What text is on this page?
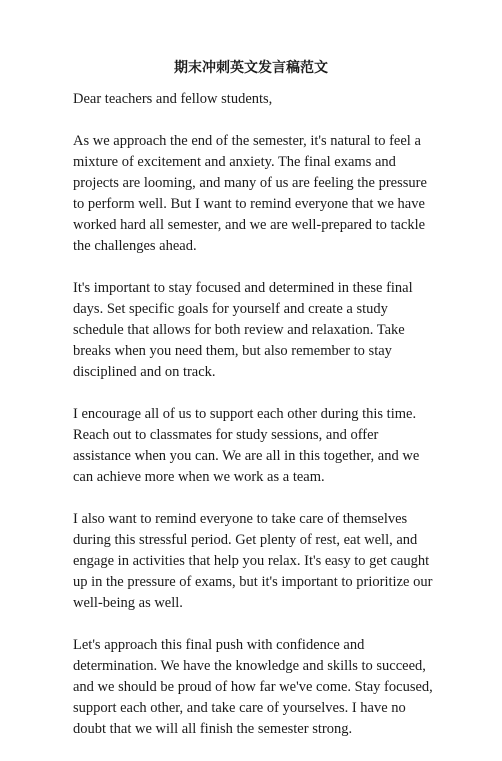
期末冲刺英文发言稿范文

Dear teachers and fellow students,

As we approach the end of the semester, it's natural to feel a mixture of excitement and anxiety. The final exams and projects are looming, and many of us are feeling the pressure to perform well. But I want to remind everyone that we have worked hard all semester, and we are well-prepared to tackle the challenges ahead.

It's important to stay focused and determined in these final days. Set specific goals for yourself and create a study schedule that allows for both review and relaxation. Take breaks when you need them, but also remember to stay disciplined and on track.

I encourage all of us to support each other during this time. Reach out to classmates for study sessions, and offer assistance when you can. We are all in this together, and we can achieve more when we work as a team.

I also want to remind everyone to take care of themselves during this stressful period. Get plenty of rest, eat well, and engage in activities that help you relax. It's easy to get caught up in the pressure of exams, but it's important to prioritize our well-being as well.

Let's approach this final push with confidence and determination. We have the knowledge and skills to succeed, and we should be proud of how far we've come. Stay focused, support each other, and take care of yourselves. I have no doubt that we will all finish the semester strong.
